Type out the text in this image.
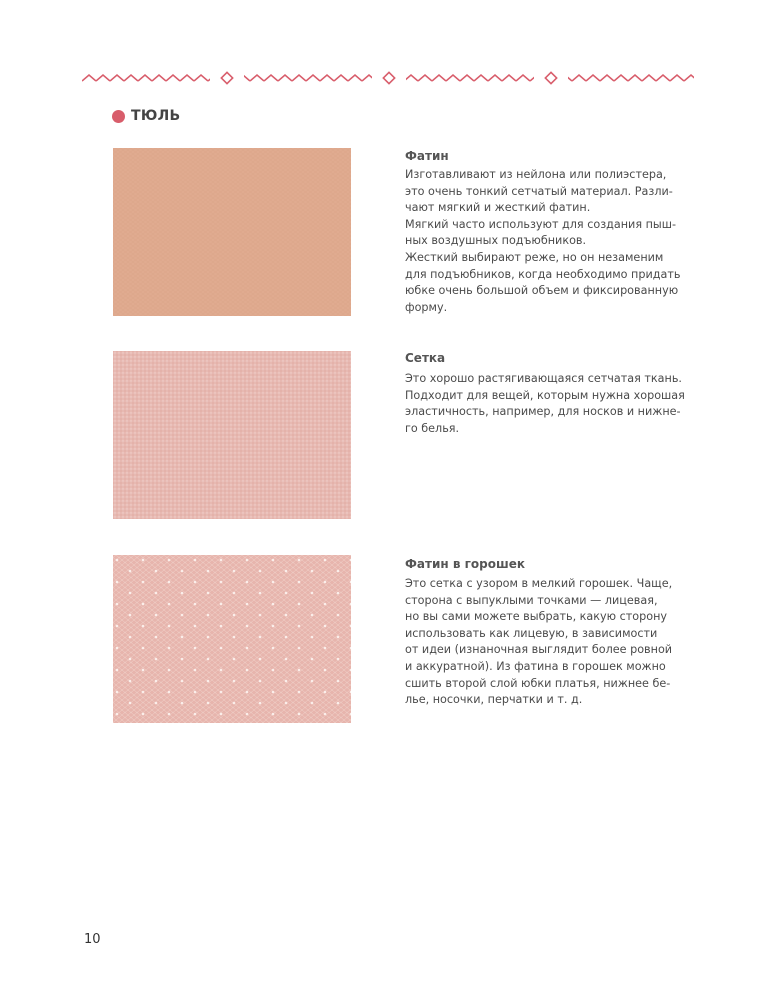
ТЮЛЬ
Фатин
Изготавливают из нейлона или полиэстера,
это очень тонкий сетчатый материал. Разли-
чают мягкий и жесткий фатин.
Мягкий часто используют для создания пыш-
ных воздушных подъюбников.
Жесткий выбирают реже, но он незаменим
для подъюбников, когда необходимо придать
юбке очень большой объем и фиксированную
форму.
Сетка
Это хорошо растягивающаяся сетчатая ткань.
Подходит для вещей, которым нужна хорошая
эластичность, например, для носков и нижне-
го белья.
Фатин в горошек
Это сетка с узором в мелкий горошек. Чаще,
сторона с выпуклыми точками — лицевая,
но вы сами можете выбрать, какую сторону
использовать как лицевую, в зависимости
от идеи (изнаночная выглядит более ровной
и аккуратной). Из фатина в горошек можно
сшить второй слой юбки платья, нижнее бе-
лье, носочки, перчатки и т. д.
10
